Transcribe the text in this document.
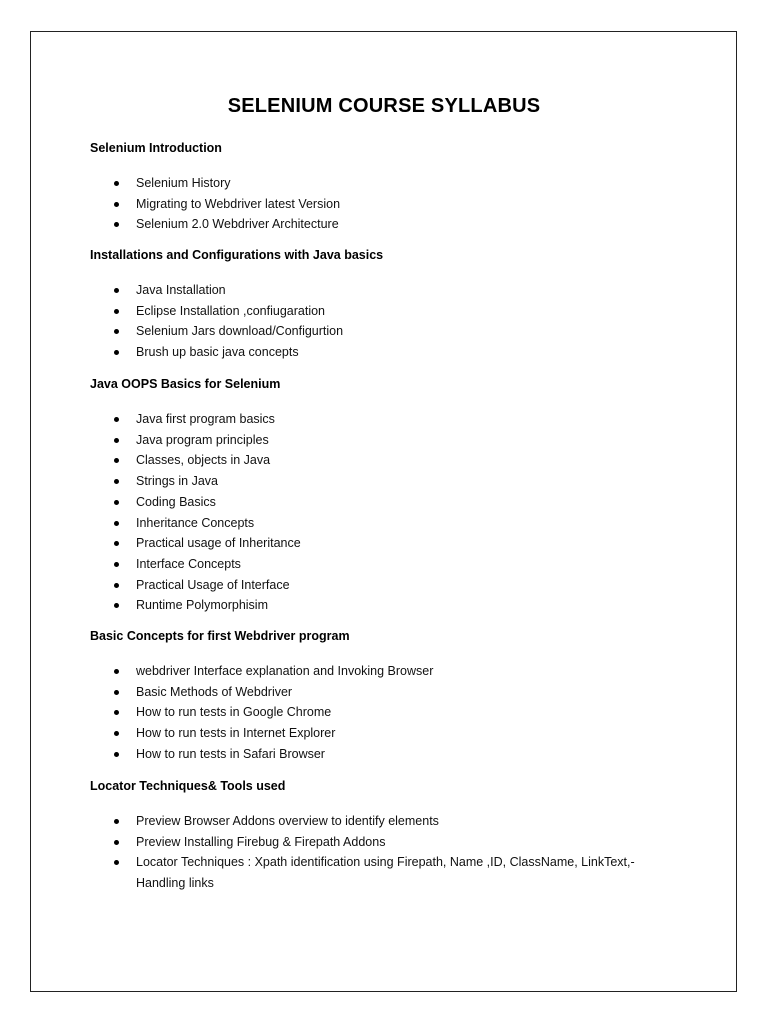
SELENIUM COURSE SYLLABUS

Selenium Introduction

Selenium History
Migrating to Webdriver latest Version
Selenium 2.0 Webdriver Architecture

Installations and Configurations with Java basics

Java Installation
Eclipse Installation ,confiugaration
Selenium Jars download/Configurtion
Brush up basic java concepts

Java OOPS Basics for Selenium

Java first program basics
Java program principles
Classes, objects in Java
Strings in Java
Coding Basics
Inheritance Concepts
Practical usage of Inheritance
Interface Concepts
Practical Usage of Interface
Runtime Polymorphisim

Basic Concepts for first Webdriver program

webdriver Interface explanation and Invoking Browser
Basic Methods of Webdriver
How to run tests in Google Chrome
How to run tests in Internet Explorer
How to run tests in Safari Browser

Locator Techniques& Tools used

Preview Browser Addons overview to identify elements
Preview Installing Firebug & Firepath Addons
Locator Techniques : Xpath identification using Firepath, Name ,ID, ClassName, LinkText,-Handling links
